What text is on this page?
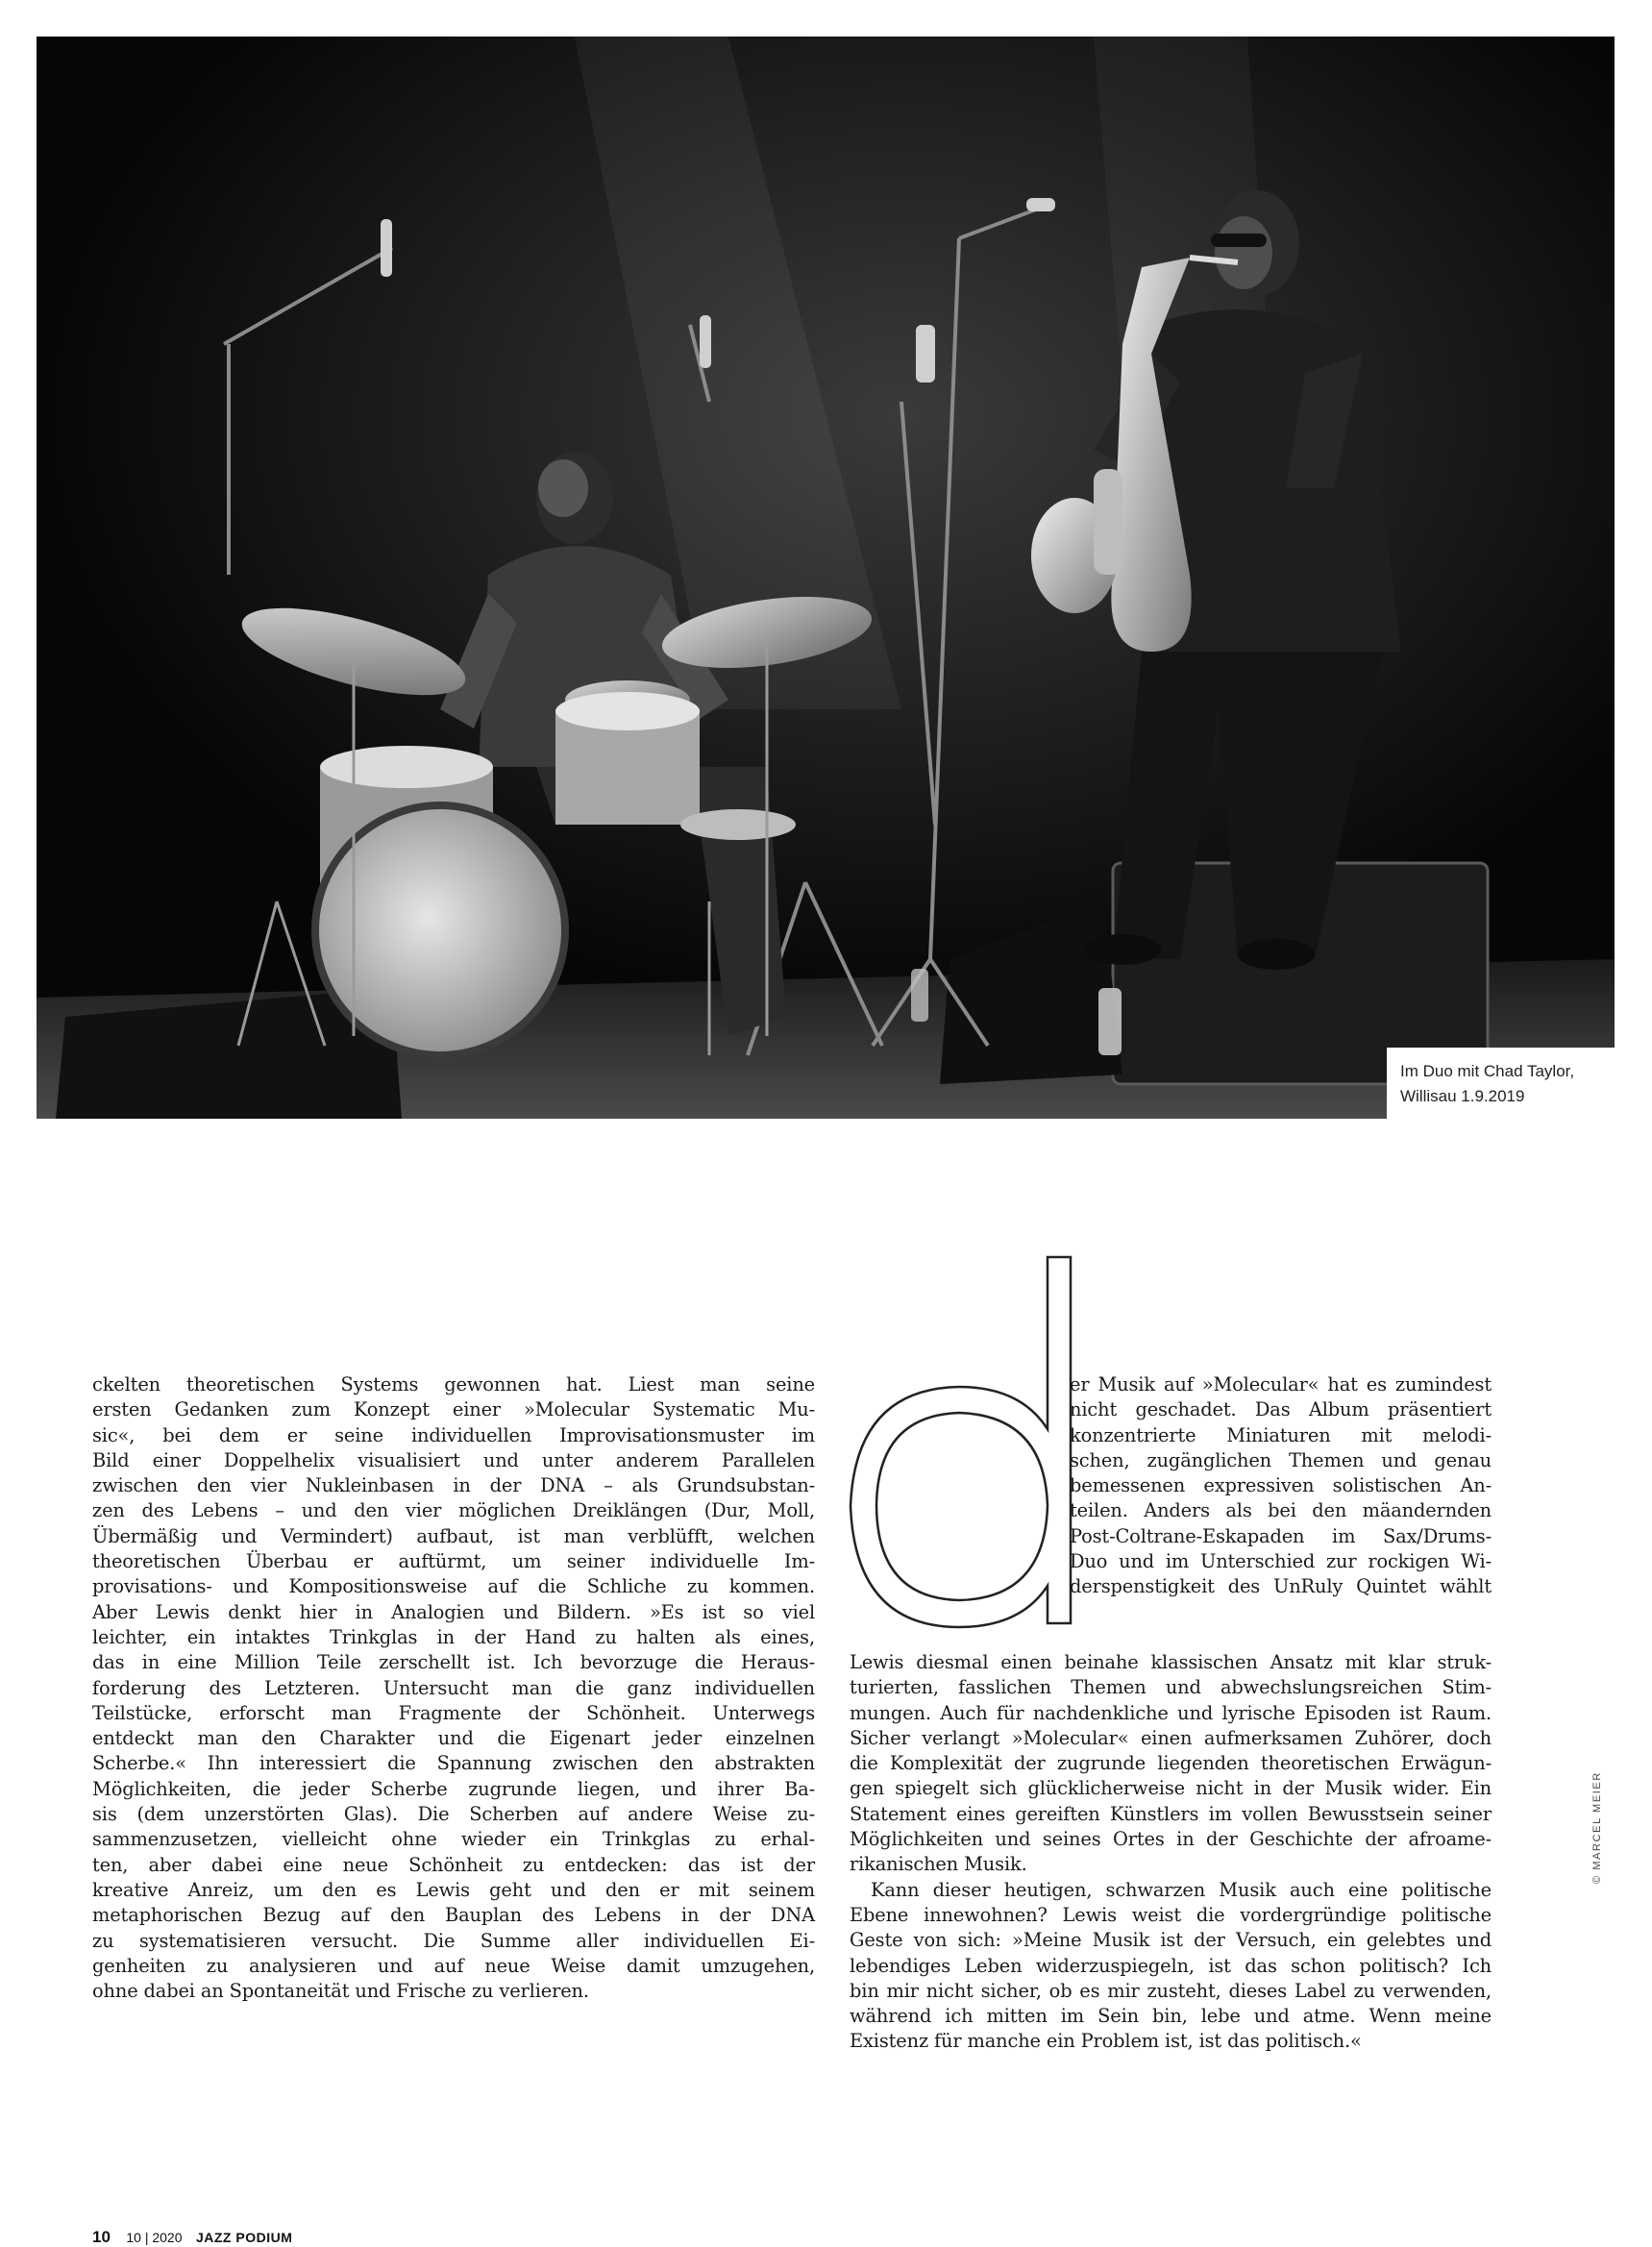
Im Duo mit Chad Taylor,
Willisau 1.9.2019
ckelten theoretischen Systems gewonnen hat. Liest man seine
ersten Gedanken zum Konzept einer »Molecular Systematic Mu-
sic«, bei dem er seine individuellen Improvisationsmuster im
Bild einer Doppelhelix visualisiert und unter anderem Parallelen
zwischen den vier Nukleinbasen in der DNA – als Grundsubstan-
zen des Lebens – und den vier möglichen Dreiklängen (Dur, Moll,
Übermäßig und Vermindert) aufbaut, ist man verblüfft, welchen
theoretischen Überbau er auftürmt, um seiner individuelle Im-
provisations- und Kompositionsweise auf die Schliche zu kommen.
Aber Lewis denkt hier in Analogien und Bildern. »Es ist so viel
leichter, ein intaktes Trinkglas in der Hand zu halten als eines,
das in eine Million Teile zerschellt ist. Ich bevorzuge die Heraus-
forderung des Letzteren. Untersucht man die ganz individuellen
Teilstücke, erforscht man Fragmente der Schönheit. Unterwegs
entdeckt man den Charakter und die Eigenart jeder einzelnen
Scherbe.« Ihn interessiert die Spannung zwischen den abstrakten
Möglichkeiten, die jeder Scherbe zugrunde liegen, und ihrer Ba-
sis (dem unzerstörten Glas). Die Scherben auf andere Weise zu-
sammenzusetzen, vielleicht ohne wieder ein Trinkglas zu erhal-
ten, aber dabei eine neue Schönheit zu entdecken: das ist der
kreative Anreiz, um den es Lewis geht und den er mit seinem
metaphorischen Bezug auf den Bauplan des Lebens in der DNA
zu systematisieren versucht. Die Summe aller individuellen Ei-
genheiten zu analysieren und auf neue Weise damit umzugehen,
ohne dabei an Spontaneität und Frische zu verlieren.
er Musik auf »Molecular« hat es zumindest
nicht geschadet. Das Album präsentiert
konzentrierte Miniaturen mit melodi-
schen, zugänglichen Themen und genau
bemessenen expressiven solistischen An-
teilen. Anders als bei den mäandernden
Post-Coltrane-Eskapaden im Sax/Drums-
Duo und im Unterschied zur rockigen Wi-
derspenstigkeit des UnRuly Quintet wählt
Lewis diesmal einen beinahe klassischen Ansatz mit klar struk-
turierten, fasslichen Themen und abwechslungsreichen Stim-
mungen. Auch für nachdenkliche und lyrische Episoden ist Raum.
Sicher verlangt »Molecular« einen aufmerksamen Zuhörer, doch
die Komplexität der zugrunde liegenden theoretischen Erwägun-
gen spiegelt sich glücklicherweise nicht in der Musik wider. Ein
Statement eines gereiften Künstlers im vollen Bewusstsein seiner
Möglichkeiten und seines Ortes in der Geschichte der afroame-
rikanischen Musik.
Kann dieser heutigen, schwarzen Musik auch eine politische
Ebene innewohnen? Lewis weist die vordergründige politische
Geste von sich: »Meine Musik ist der Versuch, ein gelebtes und
lebendiges Leben widerzuspiegeln, ist das schon politisch? Ich
bin mir nicht sicher, ob es mir zusteht, dieses Label zu verwenden,
während ich mitten im Sein bin, lebe und atme. Wenn meine
Existenz für manche ein Problem ist, ist das politisch.«
© MARCEL MEIER
10 10 | 2020 JAZZ PODIUM
